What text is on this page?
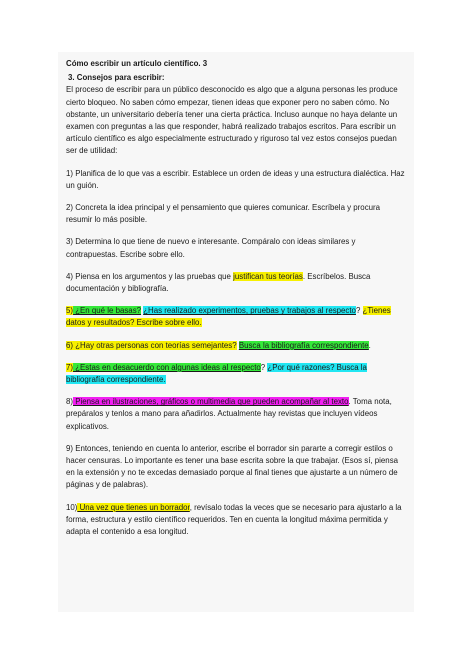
Cómo escribir un artículo científico. 3

3. Consejos para escribir:

El proceso de escribir para un público desconocido es algo que a alguna personas les produce cierto bloqueo. No saben cómo empezar, tienen ideas que exponer pero no saben cómo. No obstante, un universitario debería tener una cierta práctica. Incluso aunque no haya delante un examen con preguntas a las que responder, habrá realizado trabajos escritos. Para escribir un artículo científico es algo especialmente estructurado y riguroso tal vez estos consejos puedan ser de utilidad:

1) Planifica de lo que vas a escribir. Establece un orden de ideas y una estructura dialéctica. Haz un guión.

2) Concreta la idea principal y el pensamiento que quieres comunicar. Escríbela y procura resumir lo más posible.

3) Determina lo que tiene de nuevo e interesante. Compáralo con ideas similares y contrapuestas. Escribe sobre ello.

4) Piensa en los argumentos y las pruebas que justifican tus teorías. Escríbelos. Busca documentación y bibliografía.

5) ¿En qué le basas? ¿Has realizado experimentos, pruebas y trabajos al respecto? ¿Tienes datos y resultados? Escribe sobre ello.

6) ¿Hay otras personas con teorías semejantes? Busca la bibliografía correspondiente.

7) ¿Estas en desacuerdo con algunas ideas al respecto? ¿Por qué razones? Busca la bibliografía correspondiente.

8) Piensa en ilustraciones, gráficos o multimedia que pueden acompañar al texto. Toma nota, prepáralos y tenlos a mano para añadirlos. Actualmente hay revistas que incluyen vídeos explicativos.

9) Entonces, teniendo en cuenta lo anterior, escribe el borrador sin pararte a corregir estilos o hacer censuras. Lo importante es tener una base escrita sobre la que trabajar. (Esos sí, piensa en la extensión y no te excedas demasiado porque al final tienes que ajustarte a un número de páginas y de palabras).

10) Una vez que tienes un borrador, revísalo todas la veces que se necesario para ajustarlo a la forma, estructura y estilo científico requeridos. Ten en cuenta la longitud máxima permitida y adapta el contenido a esa longitud.
